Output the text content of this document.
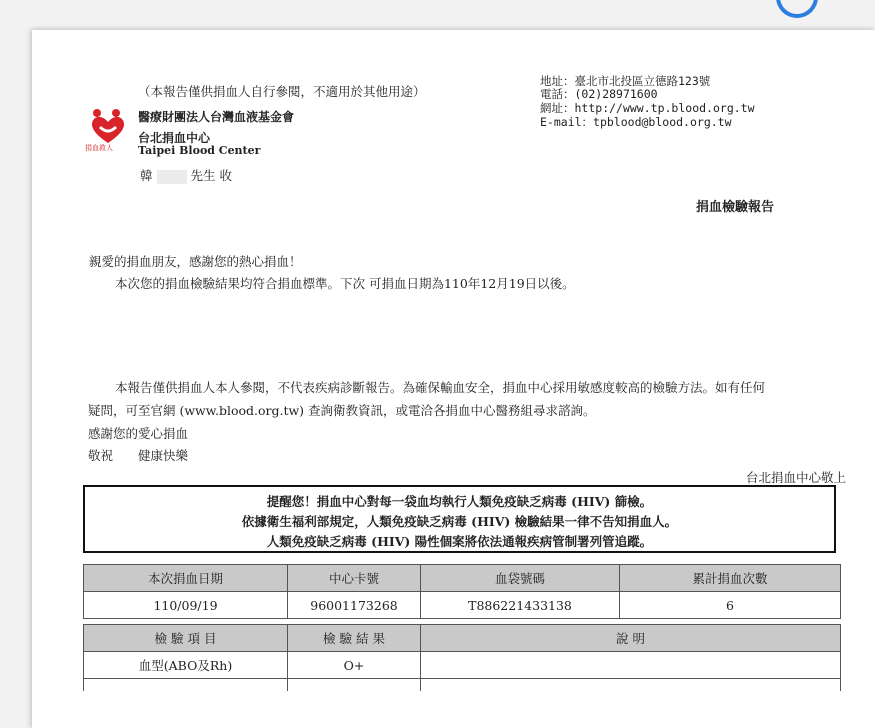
（本報告僅供捐血人自行參閱，不適用於其他用途）
捐血救人
醫療財團法人台灣血液基金會
台北捐血中心
Taipei Blood Center
韓	先生 收
地址：臺北市北投區立德路123號
電話：(02)28971600
網址：http://www.tp.blood.org.tw
E-mail：tpblood@blood.org.tw
捐血檢驗報告
親愛的捐血朋友，感謝您的熱心捐血！
本次您的捐血檢驗結果均符合捐血標準。下次 可捐血日期為110年12月19日以後。
本報告僅供捐血人本人參閱，不代表疾病診斷報告。為確保輸血安全，捐血中心採用敏感度較高的檢驗方法。如有任何
疑問，可至官網 (www.blood.org.tw) 查詢衛教資訊，或電洽各捐血中心醫務組尋求諮詢。
感謝您的愛心捐血
敬祝　　健康快樂
台北捐血中心敬上
提醒您！捐血中心對每一袋血均執行人類免疫缺乏病毒 (HIV) 篩檢。
依據衛生福利部規定，人類免疫缺乏病毒 (HIV) 檢驗結果一律不告知捐血人。
人類免疫缺乏病毒 (HIV) 陽性個案將依法通報疾病管制署列管追蹤。
本次捐血日期	中心卡號	血袋號碼	累計捐血次數
110/09/19	96001173268	T886221433138	6
檢 驗 項 目	檢 驗 結 果	說 明
血型(ABO及Rh)	O+	
